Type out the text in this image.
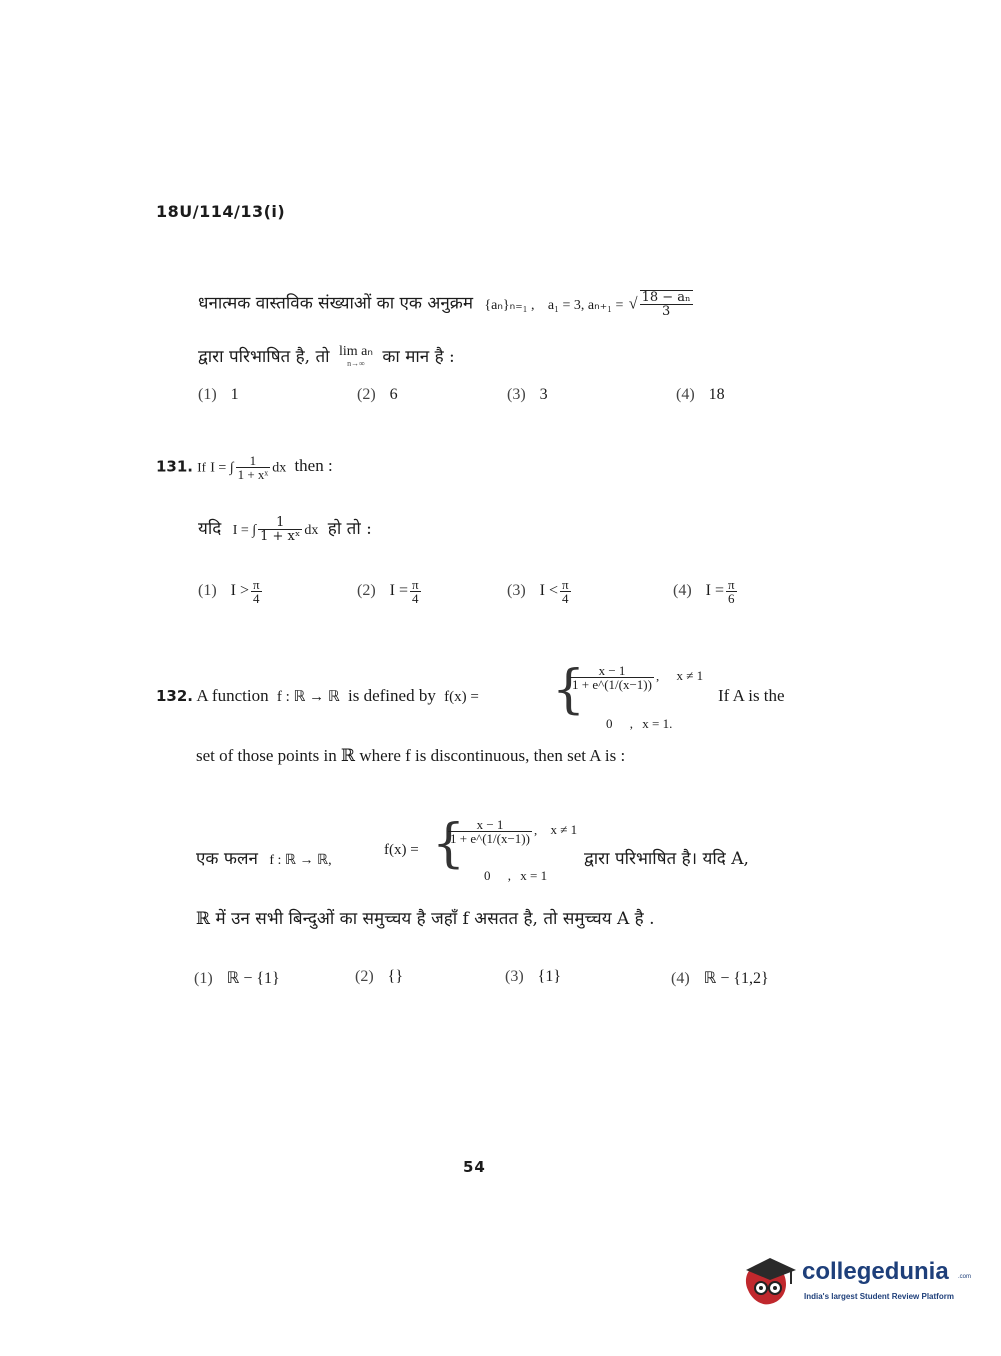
18U/114/13(i)
धनात्मक वास्तविक संख्याओं का एक अनुक्रम {aₙ}ₙ₌₁ , a₁ = 3, aₙ₊₁ = √ $\frac{\text{18 − aₙ}}{3}$
द्वारा परिभाषित है, तो lim aₙ
n→∞	का मान है :
(1) 1	(2) 6	(3) 3	(4) 18
131. If I = ∫ $\frac{1}{\text{1 + xˣ}}$ dx then :
यदि I = ∫ $\frac{1}{\text{1 + xˣ}}$ dx हो तो :
(1) $I > \frac{\pi}{4}$	(2) $I = \frac{\pi}{4}$	(3) $I < \frac{\pi}{4}$	(4) $I = \frac{\pi}{6}$
132. A function f : ℝ → ℝ is defined by f(x) = {
$\frac{x - 1}{1 + e\^{}(1/(x-1))}$ , x ≠ 1
0 , x = 1.
If A is the
set of those points in ℝ where f is discontinuous, then set A is :
एक फलन f : ℝ → ℝ,
f(x) = {
$\frac{x - 1}{1 + e\^{}(1/(x-1))}$ , x ≠ 1
0 , x = 1
द्वारा परिभाषित है। यदि A,
ℝ में उन सभी बिन्दुओं का समुच्चय है जहाँ f असतत है, तो समुच्चय A है .
(1) ℝ − {1}	(2) {}	(3) {1}	(4) ℝ − {1,2}
54
collegedunia .com
India's largest Student Review Platform
